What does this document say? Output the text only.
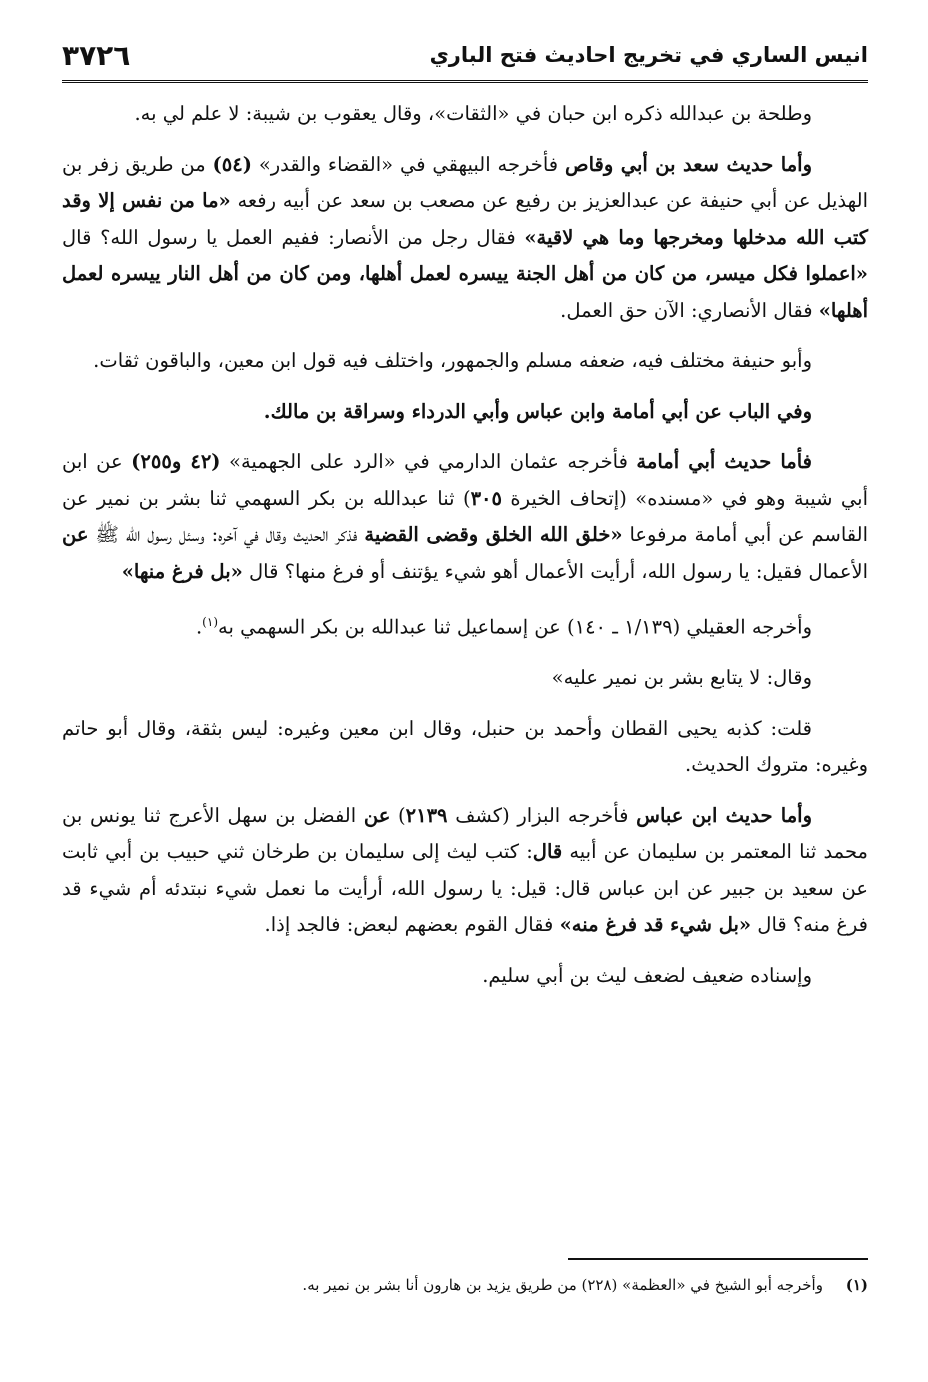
انيس الساري في تخريج احاديث فتح الباري
٣٧٢٦

وطلحة بن عبدالله ذكره ابن حبان في «الثقات»، وقال يعقوب بن شيبة: لا علم لي به.

وأما حديث سعد بن أبي وقاص فأخرجه البيهقي في «القضاء والقدر» (٥٤) من طريق زفر بن الهذيل عن أبي حنيفة عن عبدالعزيز بن رفيع عن مصعب بن سعد عن أبيه رفعه «ما من نفس إلا وقد كتب الله مدخلها ومخرجها وما هي لاقية» فقال رجل من الأنصار: ففيم العمل يا رسول الله؟ قال «اعملوا فكل ميسر، من كان من أهل الجنة ييسره لعمل أهلها، ومن كان من أهل النار ييسره لعمل أهلها» فقال الأنصاري: الآن حق العمل.

وأبو حنيفة مختلف فيه، ضعفه مسلم والجمهور، واختلف فيه قول ابن معين، والباقون ثقات.

وفي الباب عن أبي أمامة وابن عباس وأبي الدرداء وسراقة بن مالك.

فأما حديث أبي أمامة فأخرجه عثمان الدارمي في «الرد على الجهمية» (٤٢ و٢٥٥) عن ابن أبي شيبة وهو في «مسنده» (إتحاف الخيرة ٣٠٥) ثنا عبدالله بن بكر السهمي ثنا بشر بن نمير عن القاسم عن أبي أمامة مرفوعا «خلق الله الخلق وقضى القضية فذكر الحديث وقال في آخره: وسئل رسول الله ﷺ عن الأعمال فقيل: يا رسول الله، أرأيت الأعمال أهو شيء يؤتنف أو فرغ منها؟ قال «بل فرغ منها»

وأخرجه العقيلي (١/١٣٩ ـ ١٤٠) عن إسماعيل ثنا عبدالله بن بكر السهمي به$^{(١)}$.

وقال: لا يتابع بشر بن نمير عليه»

قلت: كذبه يحيى القطان وأحمد بن حنبل، وقال ابن معين وغيره: ليس بثقة، وقال أبو حاتم وغيره: متروك الحديث.

وأما حديث ابن عباس فأخرجه البزار (كشف ٢١٣٩) عن الفضل بن سهل الأعرج ثنا يونس بن محمد ثنا المعتمر بن سليمان عن أبيه قال: كتب ليث إلى سليمان بن طرخان ثني حبيب بن أبي ثابت عن سعيد بن جبير عن ابن عباس قال: قيل: يا رسول الله، أرأيت ما نعمل شيء نبتدئه أم شيء قد فرغ منه؟ قال «بل شيء قد فرغ منه» فقال القوم بعضهم لبعض: فالجد إذا.

وإسناده ضعيف لضعف ليث بن أبي سليم.

(١) وأخرجه أبو الشيخ في «العظمة» (٢٢٨) من طريق يزيد بن هارون أنا بشر بن نمير به.
